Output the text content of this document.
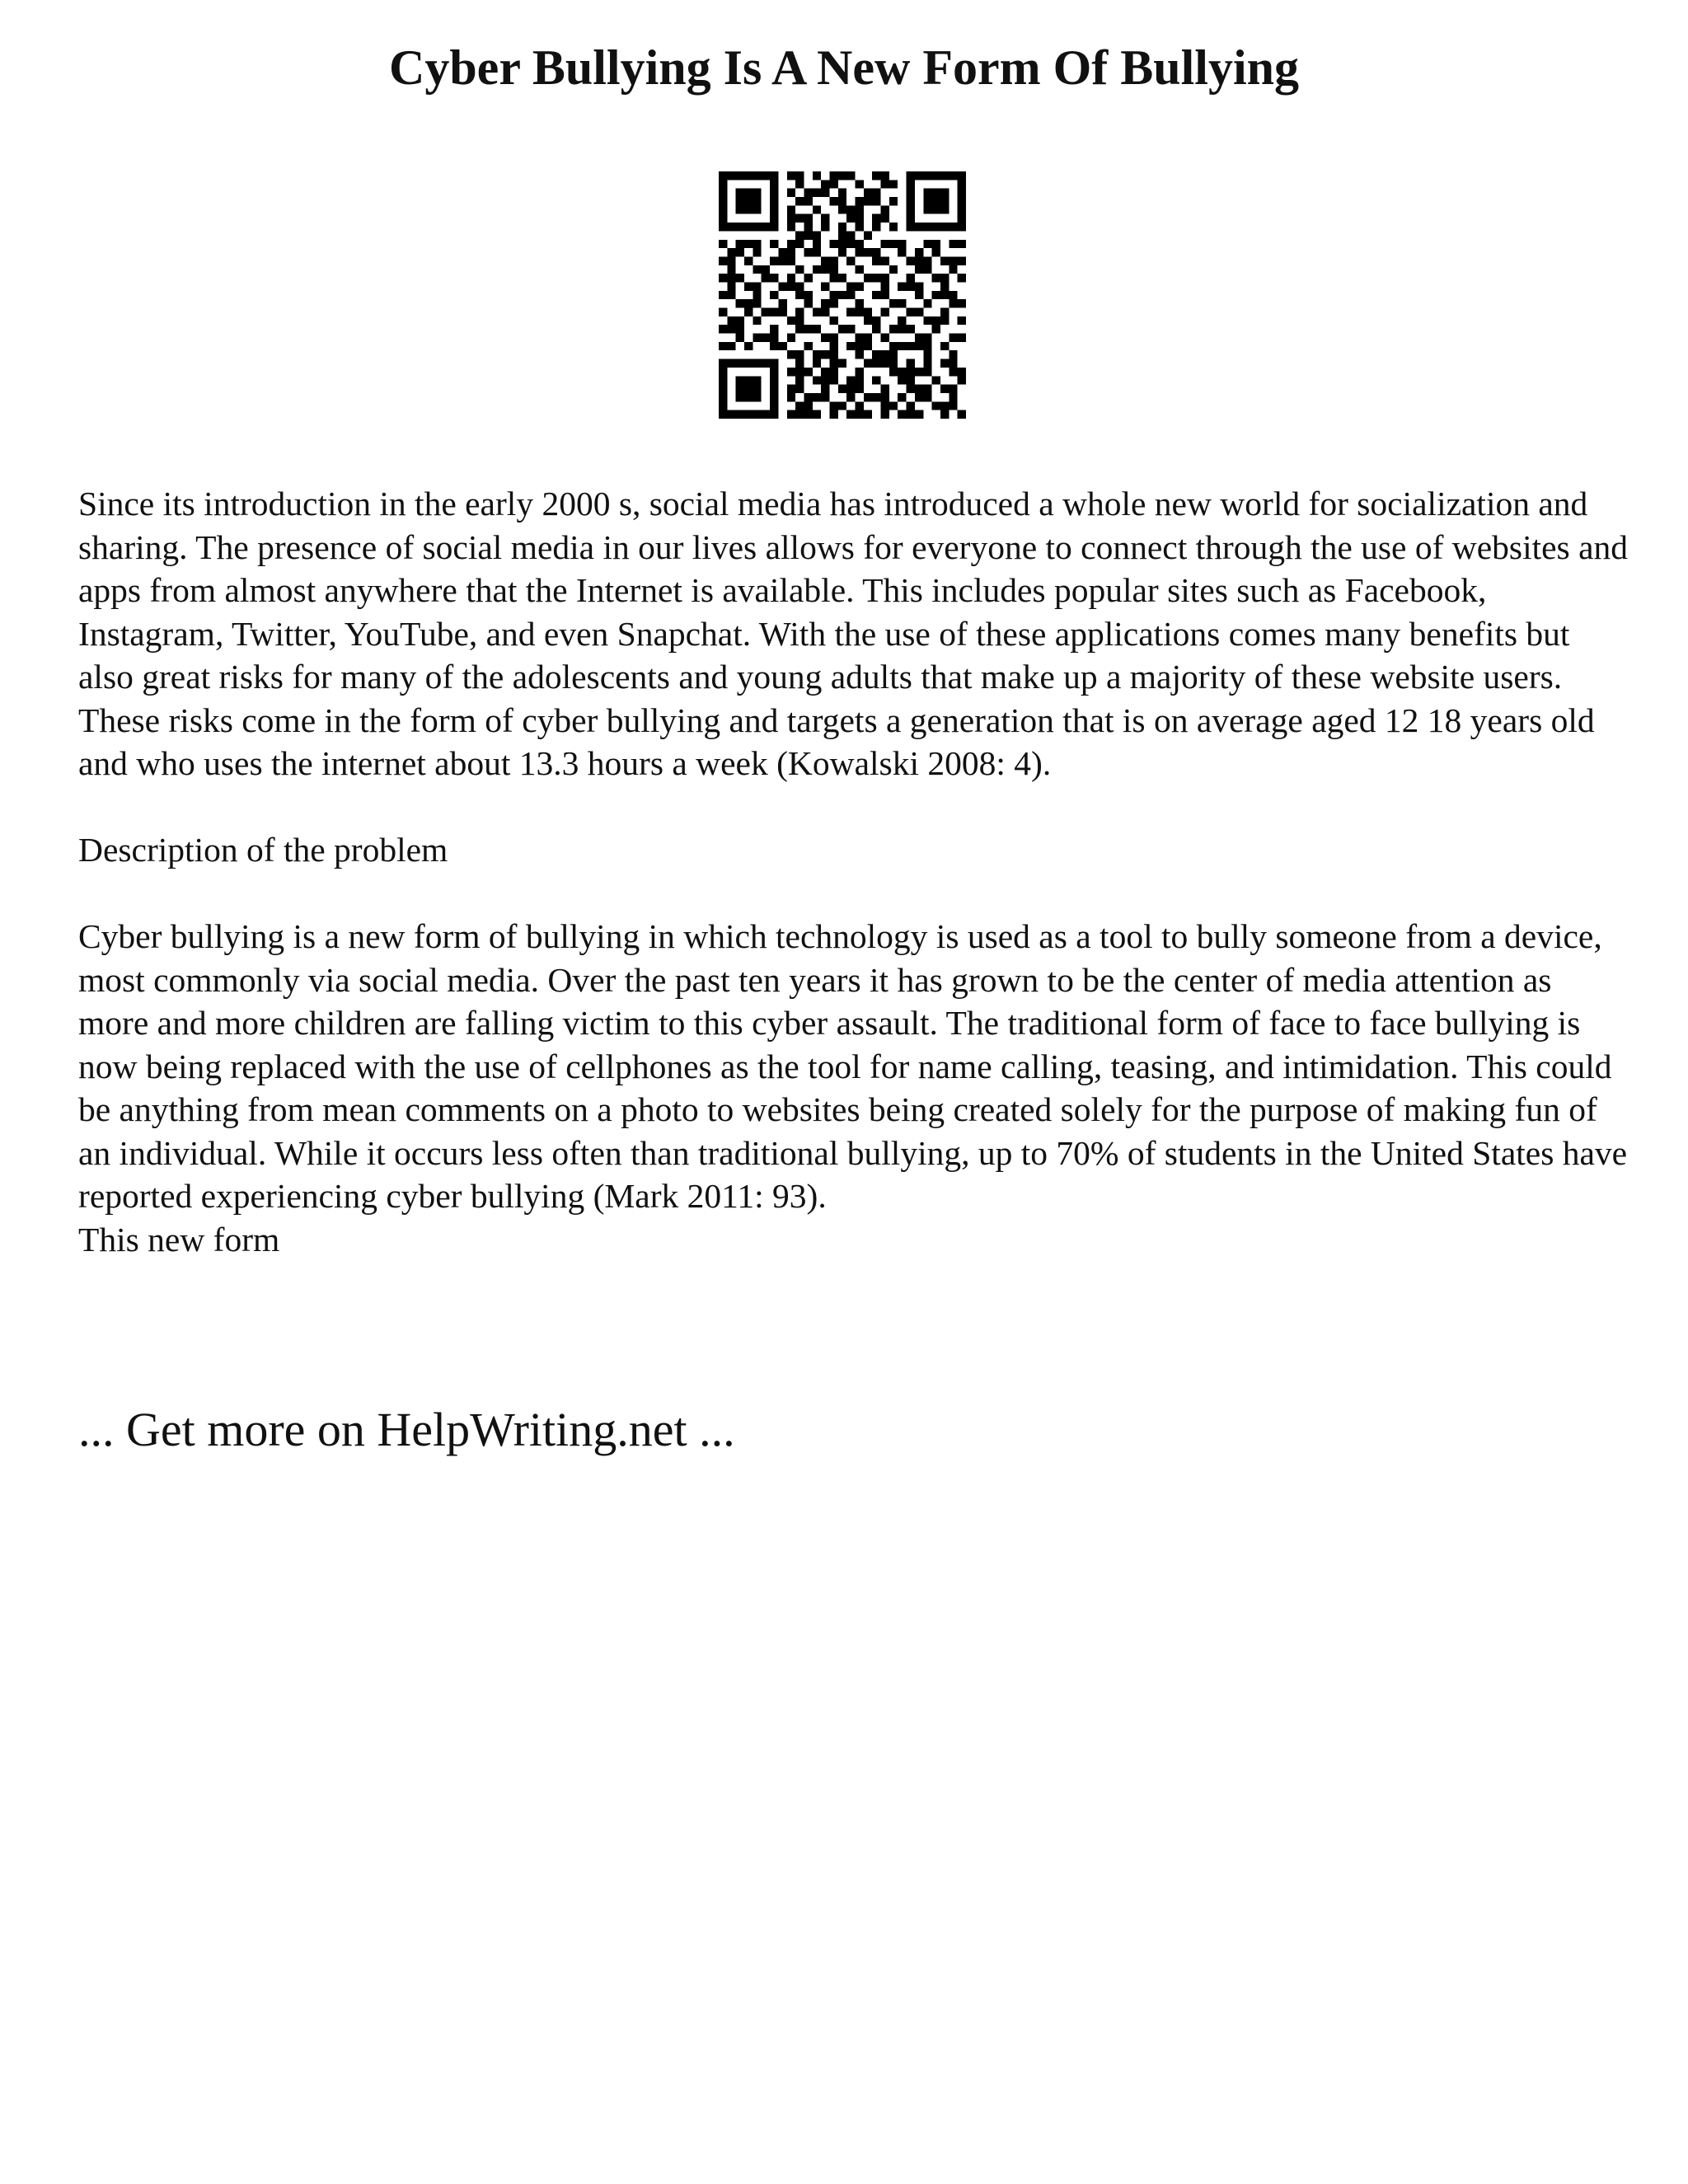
Cyber Bullying Is A New Form Of Bullying

Since its introduction in the early 2000 s, social media has introduced a whole new world for socialization and sharing. The presence of social media in our lives allows for everyone to connect through the use of websites and apps from almost anywhere that the Internet is available. This includes popular sites such as Facebook, Instagram, Twitter, YouTube, and even Snapchat. With the use of these applications comes many benefits but also great risks for many of the adolescents and young adults that make up a majority of these website users. These risks come in the form of cyber bullying and targets a generation that is on average aged 12 18 years old and who uses the internet about 13.3 hours a week (Kowalski 2008: 4).

Description of the problem

Cyber bullying is a new form of bullying in which technology is used as a tool to bully someone from a device, most commonly via social media. Over the past ten years it has grown to be the center of media attention as more and more children are falling victim to this cyber assault. The traditional form of face to face bullying is now being replaced with the use of cellphones as the tool for name calling, teasing, and intimidation. This could be anything from mean comments on a photo to websites being created solely for the purpose of making fun of an individual. While it occurs less often than traditional bullying, up to 70% of students in the United States have reported experiencing cyber bullying (Mark 2011: 93).

This new form

... Get more on HelpWriting.net ...
